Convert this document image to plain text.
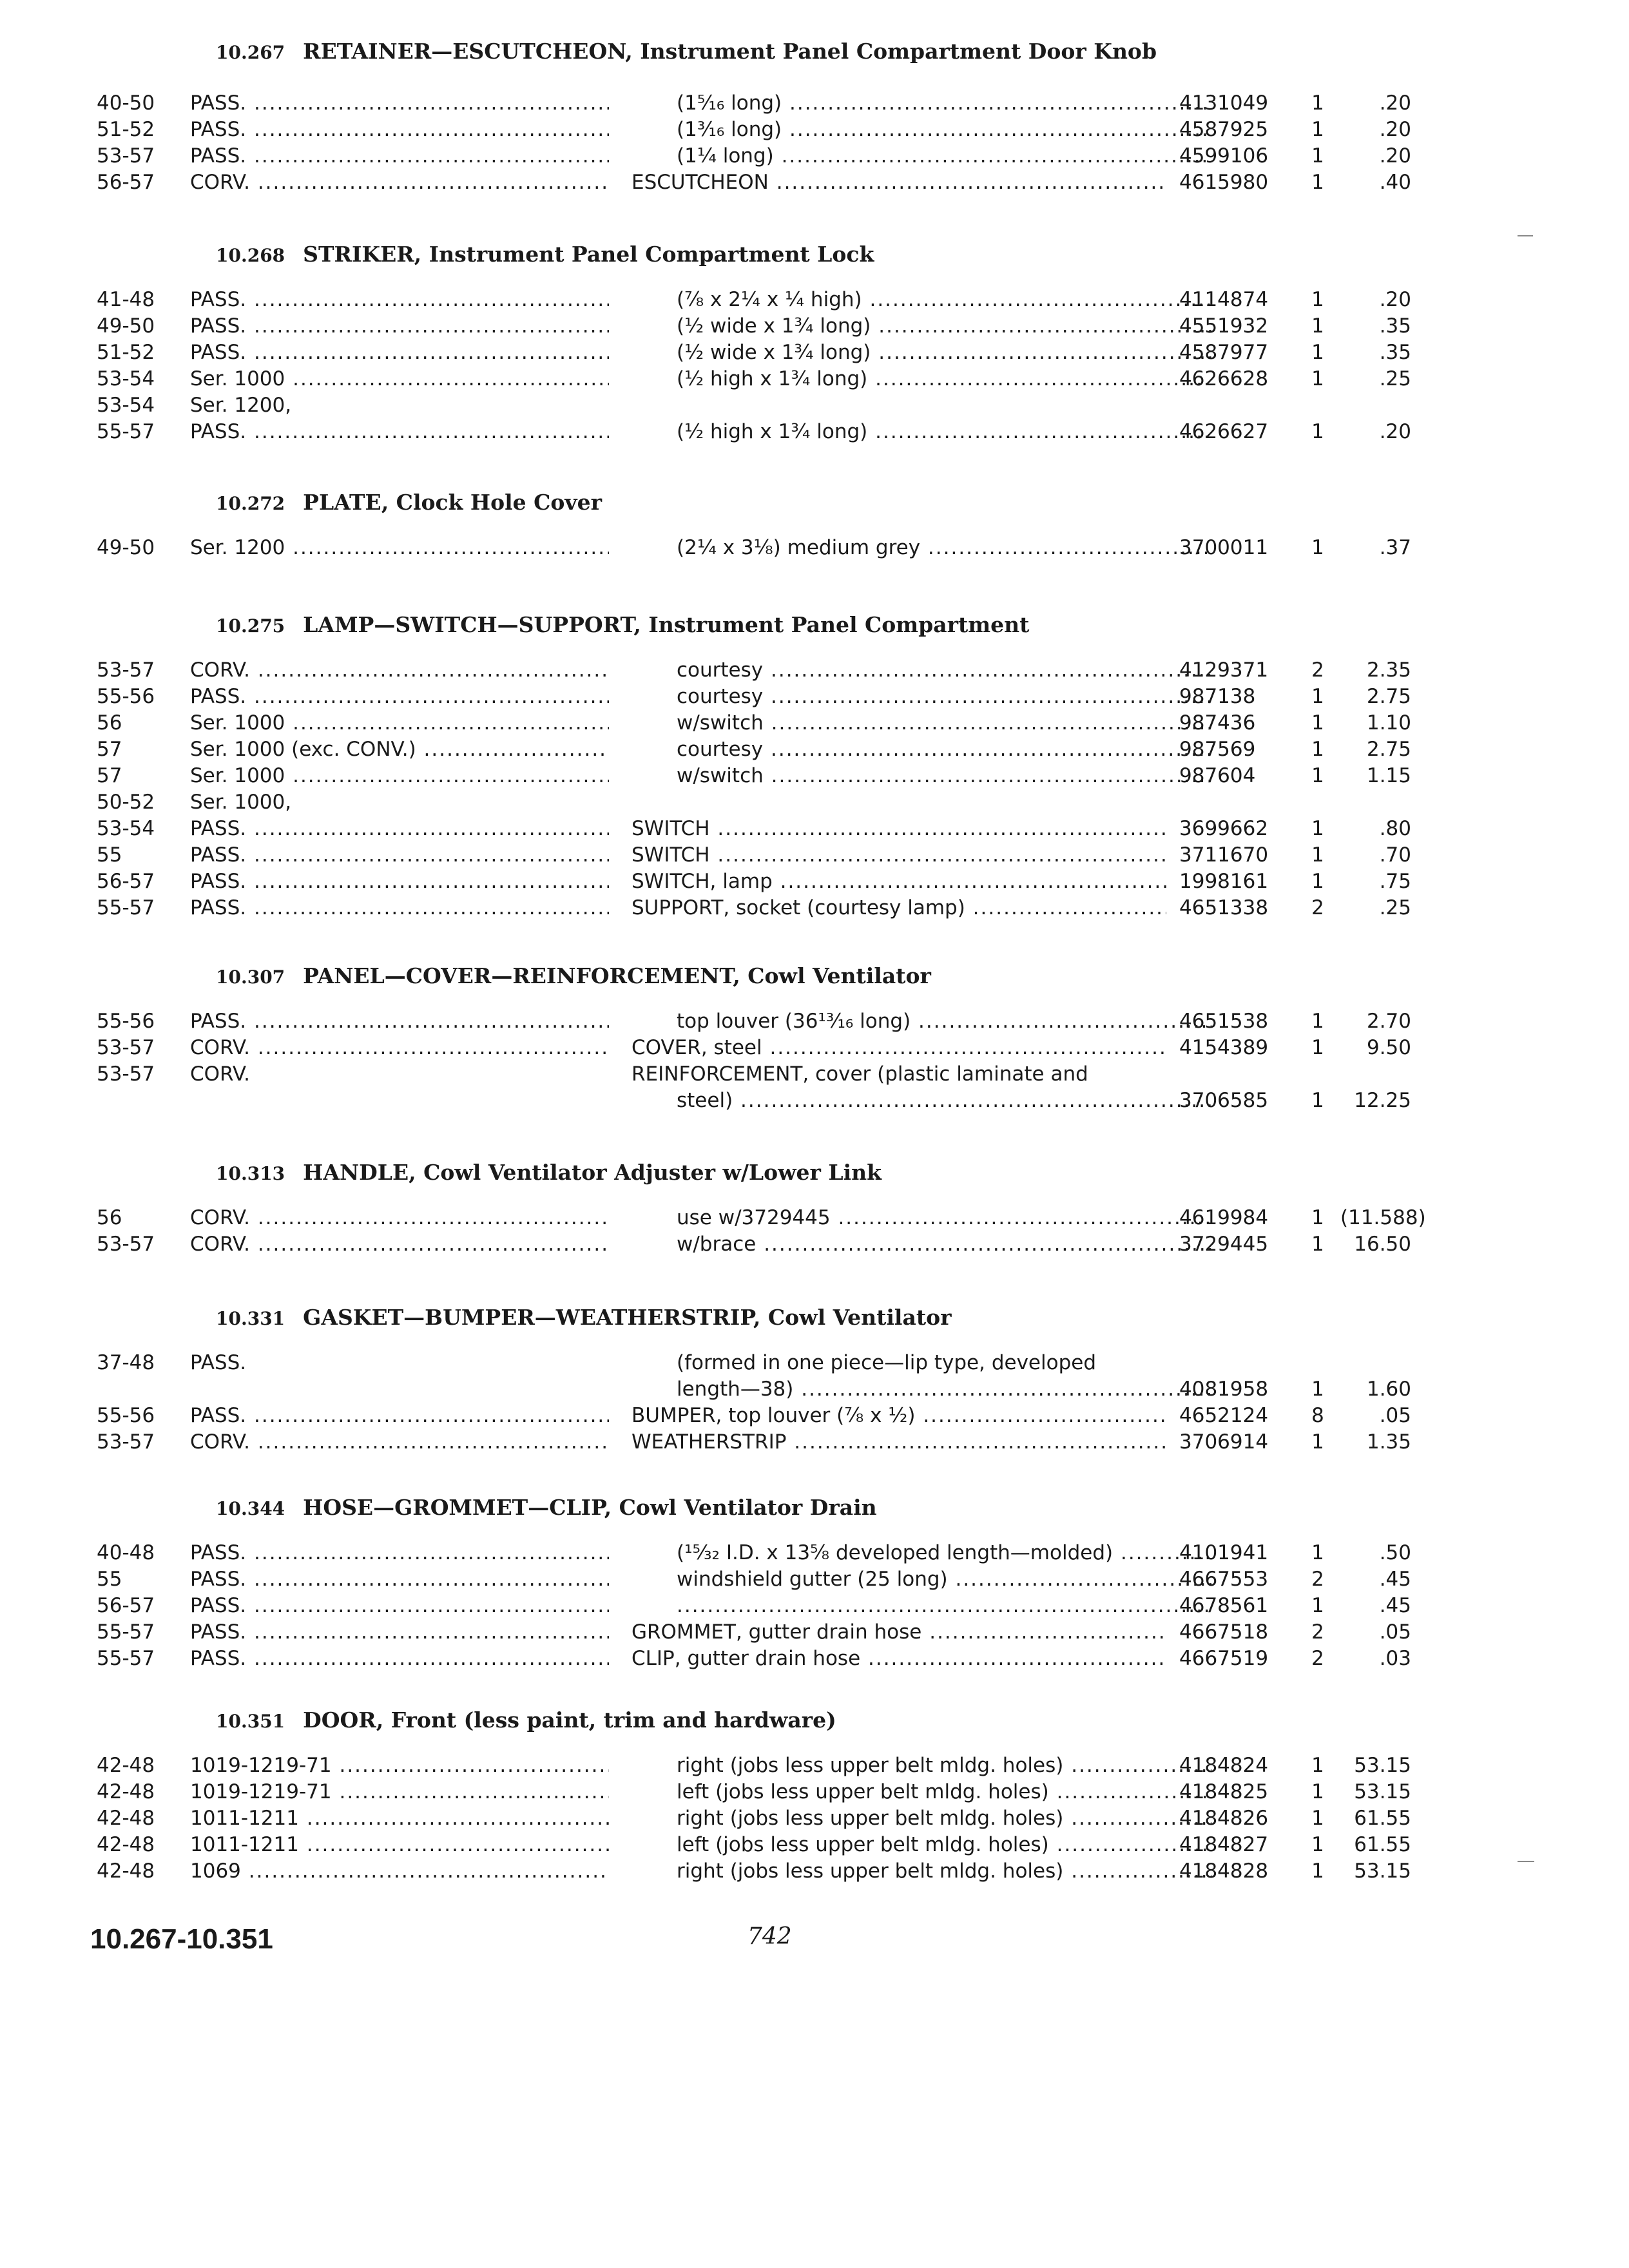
10.267 RETAINER—ESCUTCHEON, Instrument Panel Compartment Door Knob
40-50	PASS. .....	(1⁵⁄₁₆ long) .....	4131049	1	.20
51-52	PASS. .....	(1³⁄₁₆ long) .....	4587925	1	.20
53-57	PASS. .....	(1¼ long) .....	4599106	1	.20
56-57	CORV. .....	ESCUTCHEON .....	4615980	1	.40
10.268 STRIKER, Instrument Panel Compartment Lock
41-48	PASS. .....	(⅞ x 2¼ x ¼ high) .....	4114874	1	.20
49-50	PASS. .....	(½ wide x 1¾ long) .....	4551932	1	.35
51-52	PASS. .....	(½ wide x 1¾ long) .....	4587977	1	.35
53-54	Ser. 1000 .....	(½ high x 1¾ long) .....	4626628	1	.25
53-54	Ser. 1200,
55-57	PASS. .....	(½ high x 1¾ long) .....	4626627	1	.20
10.272 PLATE, Clock Hole Cover
49-50	Ser. 1200 .....	(2¼ x 3⅛) medium grey .....	3700011	1	.37
10.275 LAMP—SWITCH—SUPPORT, Instrument Panel Compartment
53-57	CORV. .....	courtesy .....	4129371	2	2.35
55-56	PASS. .....	courtesy .....	987138	1	2.75
56	Ser. 1000 .....	w/switch .....	987436	1	1.10
57	Ser. 1000 (exc. CONV.) .....	courtesy .....	987569	1	2.75
57	Ser. 1000 .....	w/switch .....	987604	1	1.15
50-52	Ser. 1000,
53-54	PASS. .....	SWITCH .....	3699662	1	.80
55	PASS. .....	SWITCH .....	3711670	1	.70
56-57	PASS. .....	SWITCH, lamp .....	1998161	1	.75
55-57	PASS. .....	SUPPORT, socket (courtesy lamp) .....	4651338	2	.25
10.307 PANEL—COVER—REINFORCEMENT, Cowl Ventilator
55-56	PASS. .....	top louver (36¹³⁄₁₆ long) .....	4651538	1	2.70
53-57	CORV. .....	COVER, steel .....	4154389	1	9.50
53-57	CORV.	REINFORCEMENT, cover (plastic laminate and
steel) .....	3706585	1	12.25
10.313 HANDLE, Cowl Ventilator Adjuster w/Lower Link
56	CORV. .....	use w/3729445 .....	4619984	1 (11.588)
53-57	CORV. .....	w/brace .....	3729445	1	16.50
10.331 GASKET—BUMPER—WEATHERSTRIP, Cowl Ventilator
37-48	PASS.	(formed in one piece—lip type, developed
length—38) .....	4081958	1	1.60
55-56	PASS. .....	BUMPER, top louver (⅞ x ½) .....	4652124	8	.05
53-57	CORV. .....	WEATHERSTRIP .....	3706914	1	1.35
10.344 HOSE—GROMMET—CLIP, Cowl Ventilator Drain
40-48	PASS. .....	(¹⁵⁄₃₂ I.D. x 13⅝ developed length—molded) .....	4101941	1	.50
55	PASS. .....	windshield gutter (25 long) .....	4667553	2	.45
56-57	PASS. .....
.....	4678561	1	.45
55-57	PASS. .....	GROMMET, gutter drain hose .....	4667518	2	.05
55-57	PASS. .....	CLIP, gutter drain hose .....	4667519	2	.03
10.351 DOOR, Front (less paint, trim and hardware)
42-48	1019-1219-71 .....	right (jobs less upper belt mldg. holes) .....	4184824	1	53.15
42-48	1019-1219-71 .....	left (jobs less upper belt mldg. holes) .....	4184825	1	53.15
42-48	1011-1211 .....	right (jobs less upper belt mldg. holes) .....	4184826	1	61.55
42-48	1011-1211 .....	left (jobs less upper belt mldg. holes) .....	4184827	1	61.55
42-48	1069 .....	right (jobs less upper belt mldg. holes) .....	4184828	1	53.15
10.267-10.351	742
